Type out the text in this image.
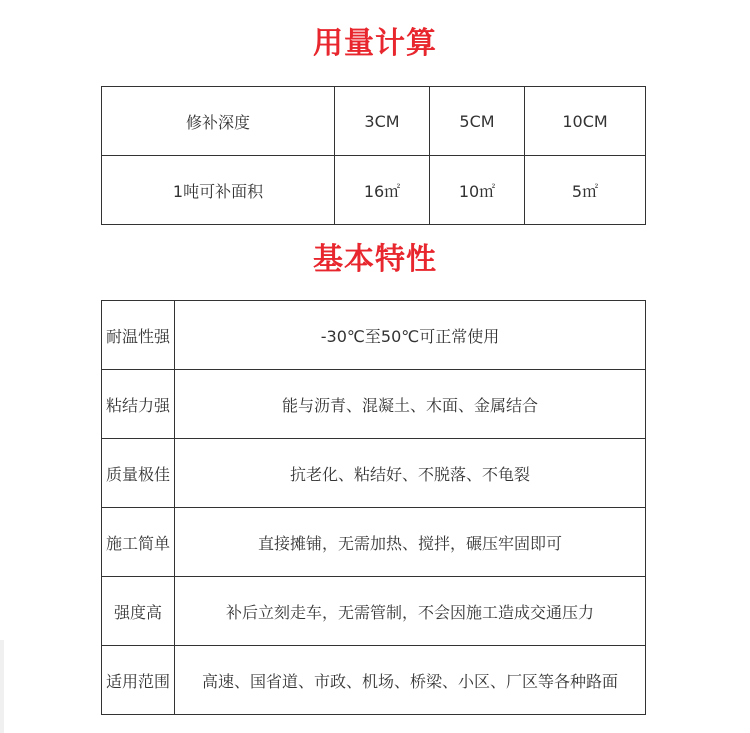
用量计算
修补深度	3CM	5CM	10CM
1吨可补面积	16㎡	10㎡	5㎡
基本特性
耐温性强	-30℃至50℃可正常使用
粘结力强	能与沥青、混凝土、木面、金属结合
质量极佳	抗老化、粘结好、不脱落、不龟裂
施工简单	直接摊铺，无需加热、搅拌，碾压牢固即可
强度高	补后立刻走车，无需管制，不会因施工造成交通压力
适用范围	高速、国省道、市政、机场、桥梁、小区、厂区等各种路面
